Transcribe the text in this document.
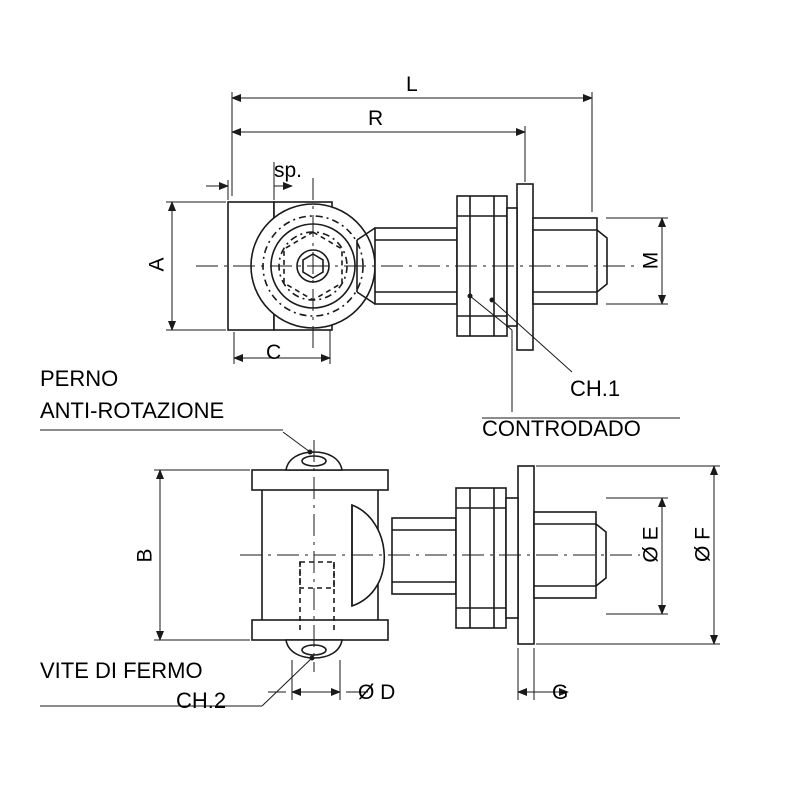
L
R
sp.
A
C
M
B
Ø D
Ø E Ø F
G
CH.1
CONTRODADO
PERNO
ANTI-ROTAZIONE
VITE DI FERMO
CH.2
